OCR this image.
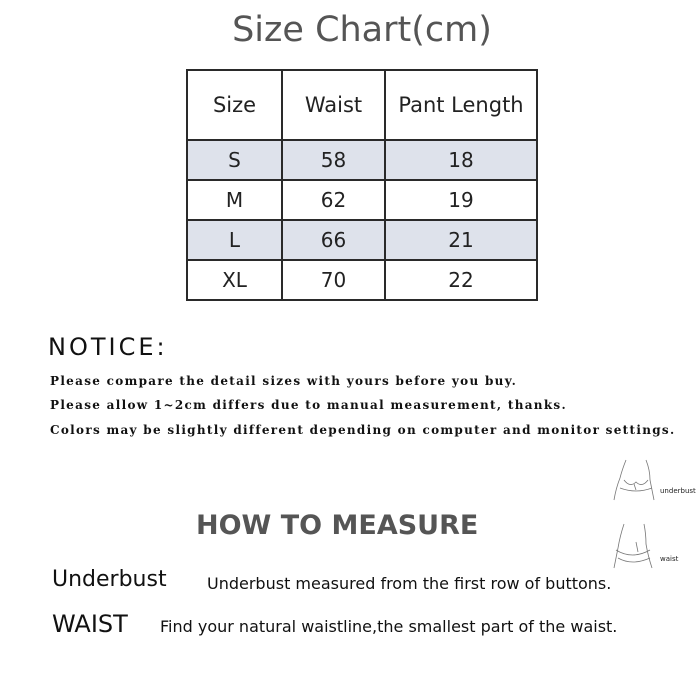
Size Chart(cm)
Size	Waist	Pant Length
S	58	18
M	62	19
L	66	21
XL	70	22
NOTICE:
Please compare the detail sizes with yours before you buy.
Please allow 1~2cm differs due to manual measurement, thanks.
Colors may be slightly different depending on computer and monitor settings.
underbust
waist
HOW TO MEASURE
Underbust	Underbust measured from the first row of buttons.
WAIST Find your natural waistline,the smallest part of the waist.
